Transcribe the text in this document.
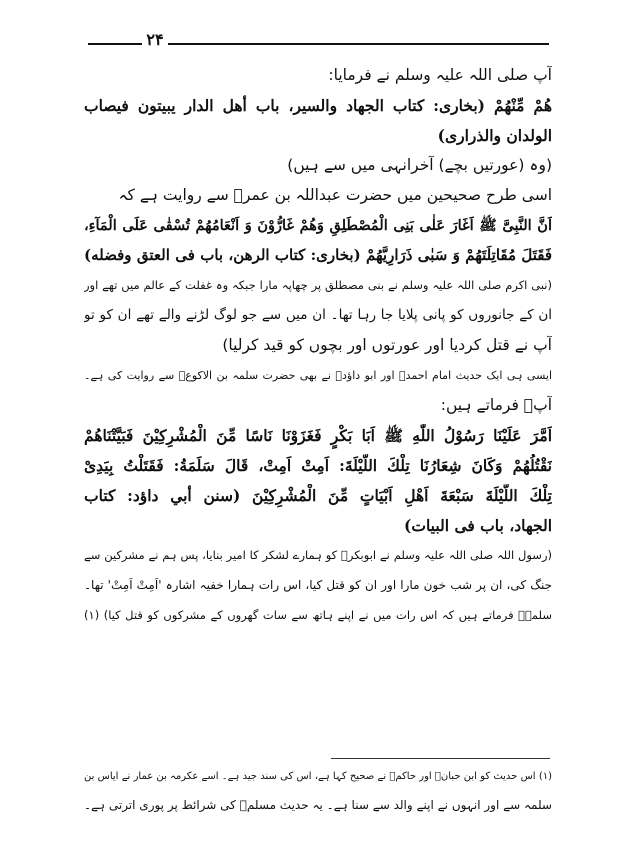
۲۴
آپ صلی اللہ علیہ وسلم نے فرمایا:
هُمْ مِّنْهُمْ (بخاری: کتاب الجهاد والسیر، باب أهل الدار یبیتون فیصاب
الولدان والذراری)
(وہ (عورتیں بچے) آخرانہی میں سے ہیں)
اسی طرح صحیحین میں حضرت عبداللہ بن عمرؓ سے روایت ہے کہ
اَنَّ النَّبِیَّ ﷺ اَغَارَ عَلٰی بَنِی الْمُصْطَلِقِ وَهُمْ غَارُّوْنَ وَ اَنْعَامُهُمْ تُسْقٰی عَلَی الْمَآءِ،
فَقَتَلَ مُقَاتِلَتَهُمْ وَ سَبٰی ذَرَارِیَّهُمْ (بخاری: کتاب الرهن، باب فی العتق وفضله)
(نبی اکرم صلی اللہ علیہ وسلم نے بنی مصطلق پر چھاپہ مارا جبکہ وہ غفلت کے عالم میں تھے اور
ان کے جانوروں کو پانی پلایا جا رہا تھا۔ ان میں سے جو لوگ لڑنے والے تھے ان کو تو
آپ نے قتل کردیا اور عورتوں اور بچوں کو قید کرلیا)
ایسی ہی ایک حدیث امام احمدؒ اور ابو داؤدؒ نے بھی حضرت سلمہ بن الاکوعؓ سے روایت کی ہے۔
آپؓ فرماتے ہیں:
اَمَّرَ عَلَیْنَا رَسُوْلُ اللّٰهِ ﷺ اَبَا بَكْرٍ فَغَزَوْنَا نَاسًا مِّنَ الْمُشْرِكِیْنَ فَبَیَّتْنَاهُمْ
نَقْتُلُهُمْ وَكَانَ شِعَارُنَا تِلْكَ اللَّیْلَةَ: اَمِتْ اَمِتْ، قَالَ سَلَمَةُ: فَقَتَلْتُ بِیَدِیْ
تِلْكَ اللَّیْلَةَ سَبْعَةَ اَهْلِ اَبْیَاتٍ مِّنَ الْمُشْرِكِیْنَ (سنن أبي داؤد: کتاب
الجهاد، باب فی البیات)
(رسول اللہ صلی اللہ علیہ وسلم نے ابوبکرؓ کو ہمارے لشکر کا امیر بنایا، پس ہم نے مشرکین سے
جنگ کی، ان پر شب خون مارا اور ان کو قتل کیا، اس رات ہمارا خفیہ اشارہ 'اَمِتْ اَمِتْ' تھا۔
سلمہؓ فرماتے ہیں کہ اس رات میں نے اپنے ہاتھ سے سات گھروں کے مشرکوں کو قتل کیا) (۱)
(۱) اس حدیث کو ابن حبانؒ اور حاکمؒ نے صحیح کہا ہے، اس کی سند جید ہے۔ اسے عکرمہ بن عمار نے ایاس بن
سلمہ سے اور انہوں نے اپنے والد سے سنا ہے۔ یہ حدیث مسلمؒ کی شرائط پر پوری اترتی ہے۔
